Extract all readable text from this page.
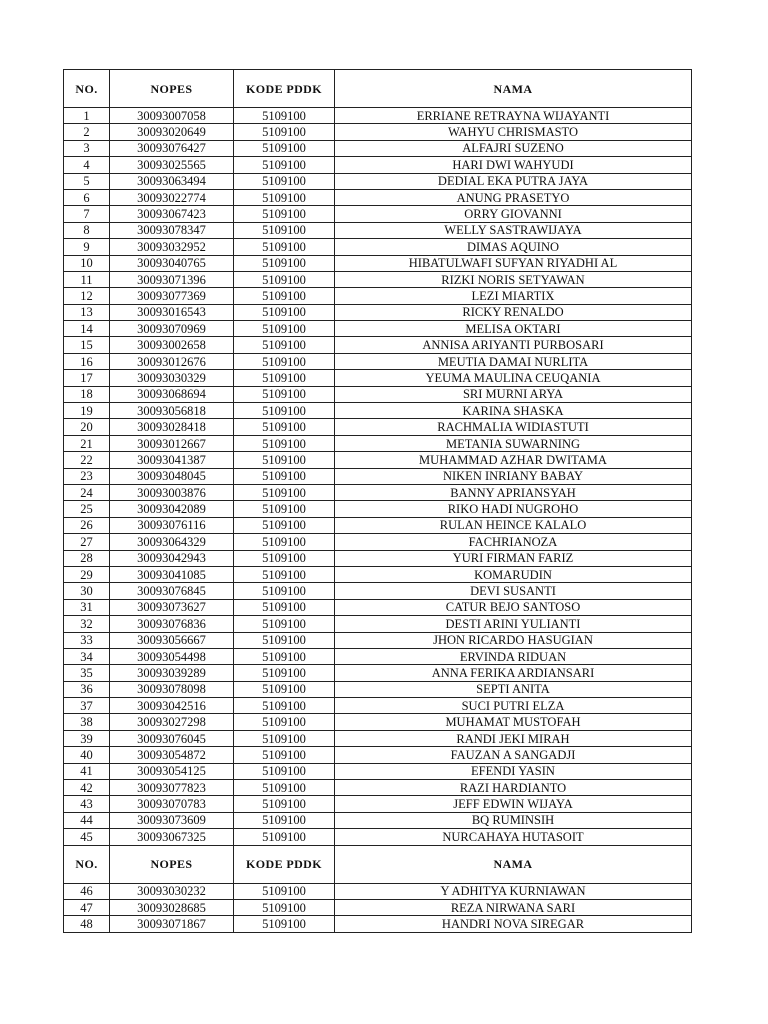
NO.	NOPES	KODE PDDK	NAMA
1	30093007058	5109100	ERRIANE RETRAYNA WIJAYANTI
2	30093020649	5109100	WAHYU CHRISMASTO
3	30093076427	5109100	ALFAJRI SUZENO
4	30093025565	5109100	HARI DWI WAHYUDI
5	30093063494	5109100	DEDIAL EKA PUTRA JAYA
6	30093022774	5109100	ANUNG PRASETYO
7	30093067423	5109100	ORRY GIOVANNI
8	30093078347	5109100	WELLY SASTRAWIJAYA
9	30093032952	5109100	DIMAS AQUINO
10	30093040765	5109100	HIBATULWAFI SUFYAN RIYADHI AL
11	30093071396	5109100	RIZKI NORIS SETYAWAN
12	30093077369	5109100	LEZI MIARTIX
13	30093016543	5109100	RICKY RENALDO
14	30093070969	5109100	MELISA OKTARI
15	30093002658	5109100	ANNISA ARIYANTI PURBOSARI
16	30093012676	5109100	MEUTIA DAMAI NURLITA
17	30093030329	5109100	YEUMA MAULINA CEUQANIA
18	30093068694	5109100	SRI MURNI ARYA
19	30093056818	5109100	KARINA SHASKA
20	30093028418	5109100	RACHMALIA WIDIASTUTI
21	30093012667	5109100	METANIA SUWARNING
22	30093041387	5109100	MUHAMMAD AZHAR DWITAMA
23	30093048045	5109100	NIKEN INRIANY BABAY
24	30093003876	5109100	BANNY APRIANSYAH
25	30093042089	5109100	RIKO HADI NUGROHO
26	30093076116	5109100	RULAN HEINCE KALALO
27	30093064329	5109100	FACHRIANOZA
28	30093042943	5109100	YURI FIRMAN FARIZ
29	30093041085	5109100	KOMARUDIN
30	30093076845	5109100	DEVI SUSANTI
31	30093073627	5109100	CATUR BEJO SANTOSO
32	30093076836	5109100	DESTI ARINI YULIANTI
33	30093056667	5109100	JHON RICARDO HASUGIAN
34	30093054498	5109100	ERVINDA RIDUAN
35	30093039289	5109100	ANNA FERIKA ARDIANSARI
36	30093078098	5109100	SEPTI ANITA
37	30093042516	5109100	SUCI PUTRI ELZA
38	30093027298	5109100	MUHAMAT MUSTOFAH
39	30093076045	5109100	RANDI JEKI MIRAH
40	30093054872	5109100	FAUZAN A SANGADJI
41	30093054125	5109100	EFENDI YASIN
42	30093077823	5109100	RAZI HARDIANTO
43	30093070783	5109100	JEFF EDWIN WIJAYA
44	30093073609	5109100	BQ RUMINSIH
45	30093067325	5109100	NURCAHAYA HUTASOIT
NO.	NOPES	KODE PDDK	NAMA
46	30093030232	5109100	Y ADHITYA KURNIAWAN
47	30093028685	5109100	REZA NIRWANA SARI
48	30093071867	5109100	HANDRI NOVA SIREGAR
